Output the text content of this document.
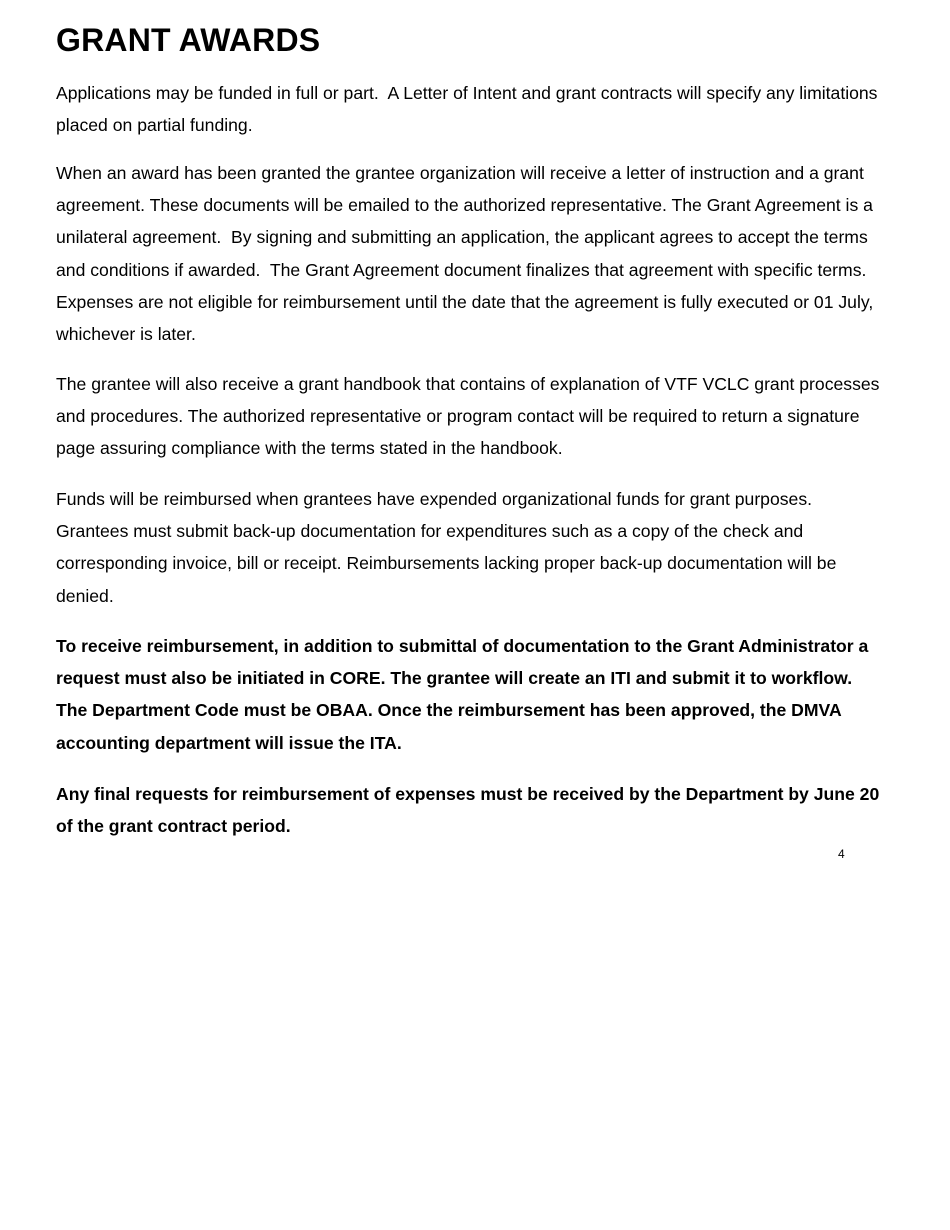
GRANT AWARDS

Applications may be funded in full or part.  A Letter of Intent and grant contracts will specify any limitations placed on partial funding.

When an award has been granted the grantee organization will receive a letter of instruction and a grant agreement. These documents will be emailed to the authorized representative. The Grant Agreement is a unilateral agreement.  By signing and submitting an application, the applicant agrees to accept the terms and conditions if awarded.  The Grant Agreement document finalizes that agreement with specific terms. Expenses are not eligible for reimbursement until the date that the agreement is fully executed or 01 July, whichever is later.

The grantee will also receive a grant handbook that contains of explanation of VTF VCLC grant processes and procedures. The authorized representative or program contact will be required to return a signature page assuring compliance with the terms stated in the handbook.

Funds will be reimbursed when grantees have expended organizational funds for grant purposes. Grantees must submit back-up documentation for expenditures such as a copy of the check and corresponding invoice, bill or receipt. Reimbursements lacking proper back-up documentation will be denied.

To receive reimbursement, in addition to submittal of documentation to the Grant Administrator a request must also be initiated in CORE. The grantee will create an ITI and submit it to workflow. The Department Code must be OBAA. Once the reimbursement has been approved, the DMVA accounting department will issue the ITA.

Any final requests for reimbursement of expenses must be received by the Department by June 20 of the grant contract period.

4
